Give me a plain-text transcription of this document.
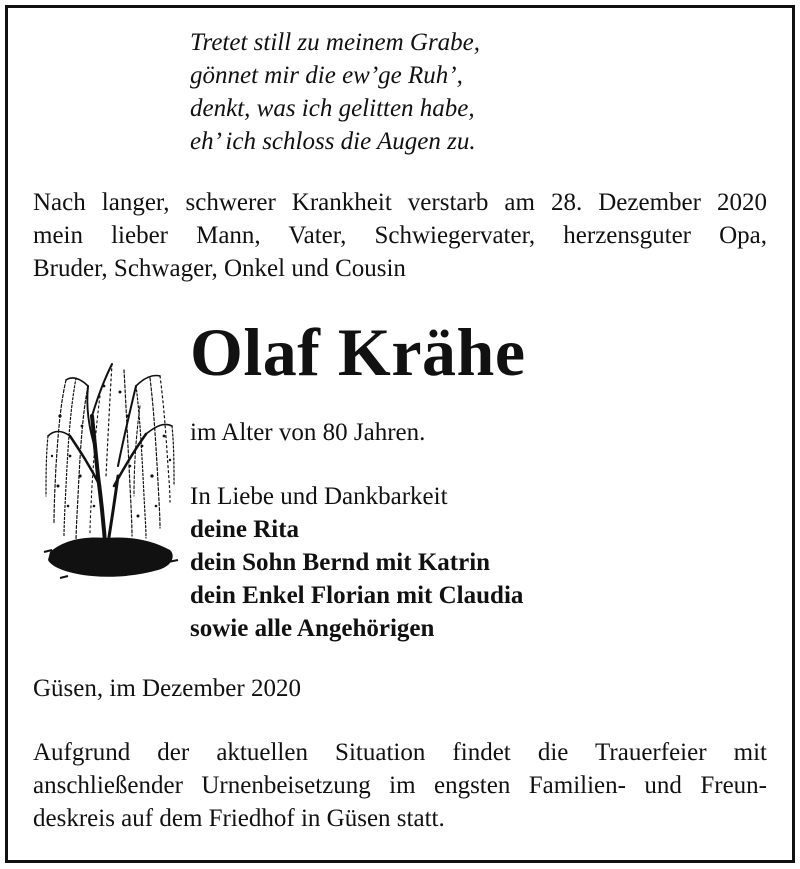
Tretet still zu meinem Grabe,
gönnet mir die ew’ge Ruh’,
denkt, was ich gelitten habe,
eh’ ich schloss die Augen zu.
Nach langer, schwerer Krankheit verstarb am 28. Dezember 2020
mein lieber Mann, Vater, Schwiegervater, herzensguter Opa,
Bruder, Schwager, Onkel und Cousin
Olaf Krähe
im Alter von 80 Jahren.
In Liebe und Dankbarkeit
deine Rita
dein Sohn Bernd mit Katrin
dein Enkel Florian mit Claudia
sowie alle Angehörigen
Güsen, im Dezember 2020
Aufgrund der aktuellen Situation findet die Trauerfeier mit
anschließender Urnenbeisetzung im engsten Familien- und Freun-
deskreis auf dem Friedhof in Güsen statt.
